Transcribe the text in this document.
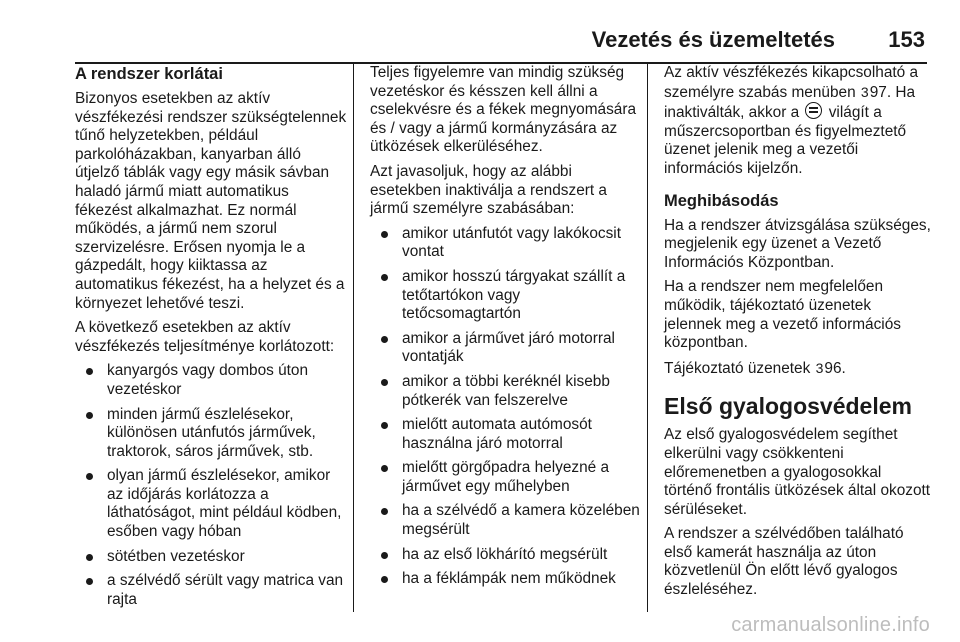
Vezetés és üzemeltetés 153
A rendszer korlátai

Bizonyos esetekben az aktív vészfékezési rendszer szükségtelennek tűnő helyzetekben, például parkolóházakban, kanyarban álló útjelző táblák vagy egy másik sávban haladó jármű miatt automatikus fékezést alkalmazhat. Ez normál működés, a jármű nem szorul szervizelésre. Erősen nyomja le a gázpedált, hogy kiiktassa az automatikus fékezést, ha a helyzet és a környezet lehetővé teszi.

A következő esetekben az aktív vészfékezés teljesítménye korlátozott:

kanyargós vagy dombos úton vezetéskor
minden jármű észlelésekor, különösen utánfutós járművek, traktorok, sáros járművek, stb.
olyan jármű észlelésekor, amikor az időjárás korlátozza a láthatóságot, mint például ködben, esőben vagy hóban
sötétben vezetéskor
a szélvédő sérült vagy matrica van rajta

Teljes figyelemre van mindig szükség vezetéskor és késszen kell állni a cselekvésre és a fékek megnyomására és / vagy a jármű kormányzására az ütközések elkerüléséhez.

Azt javasoljuk, hogy az alábbi esetekben inaktiválja a rendszert a jármű személyre szabásában:

amikor utánfutót vagy lakókocsit vontat
amikor hosszú tárgyakat szállít a tetőtartókon vagy tetőcsomagtartón
amikor a járművet járó motorral vontatják
amikor a többi keréknél kisebb pótkerék van felszerelve
mielőtt automata autómosót használna járó motorral
mielőtt görgőpadra helyezné a járművet egy műhelyben
ha a szélvédő a kamera közelében megsérült
ha az első lökhárító megsérült
ha a féklámpák nem működnek

Az aktív vészfékezés kikapcsolható a személyre szabás menüben 397. Ha inaktiválták, akkor a világít a műszercsoportban és figyelmeztető üzenet jelenik meg a vezetői információs kijelzőn.

Meghibásodás

Ha a rendszer átvizsgálása szükséges, megjelenik egy üzenet a Vezető Információs Központban.

Ha a rendszer nem megfelelően működik, tájékoztató üzenetek jelennek meg a vezető információs központban.

Tájékoztató üzenetek 396.

Első gyalogosvédelem

Az első gyalogosvédelem segíthet elkerülni vagy csökkenteni előremenetben a gyalogosokkal történő frontális ütközések által okozott sérüléseket.

A rendszer a szélvédőben található első kamerát használja az úton közvetlenül Ön előtt lévő gyalogos észleléséhez.

carmanualsonline.info
